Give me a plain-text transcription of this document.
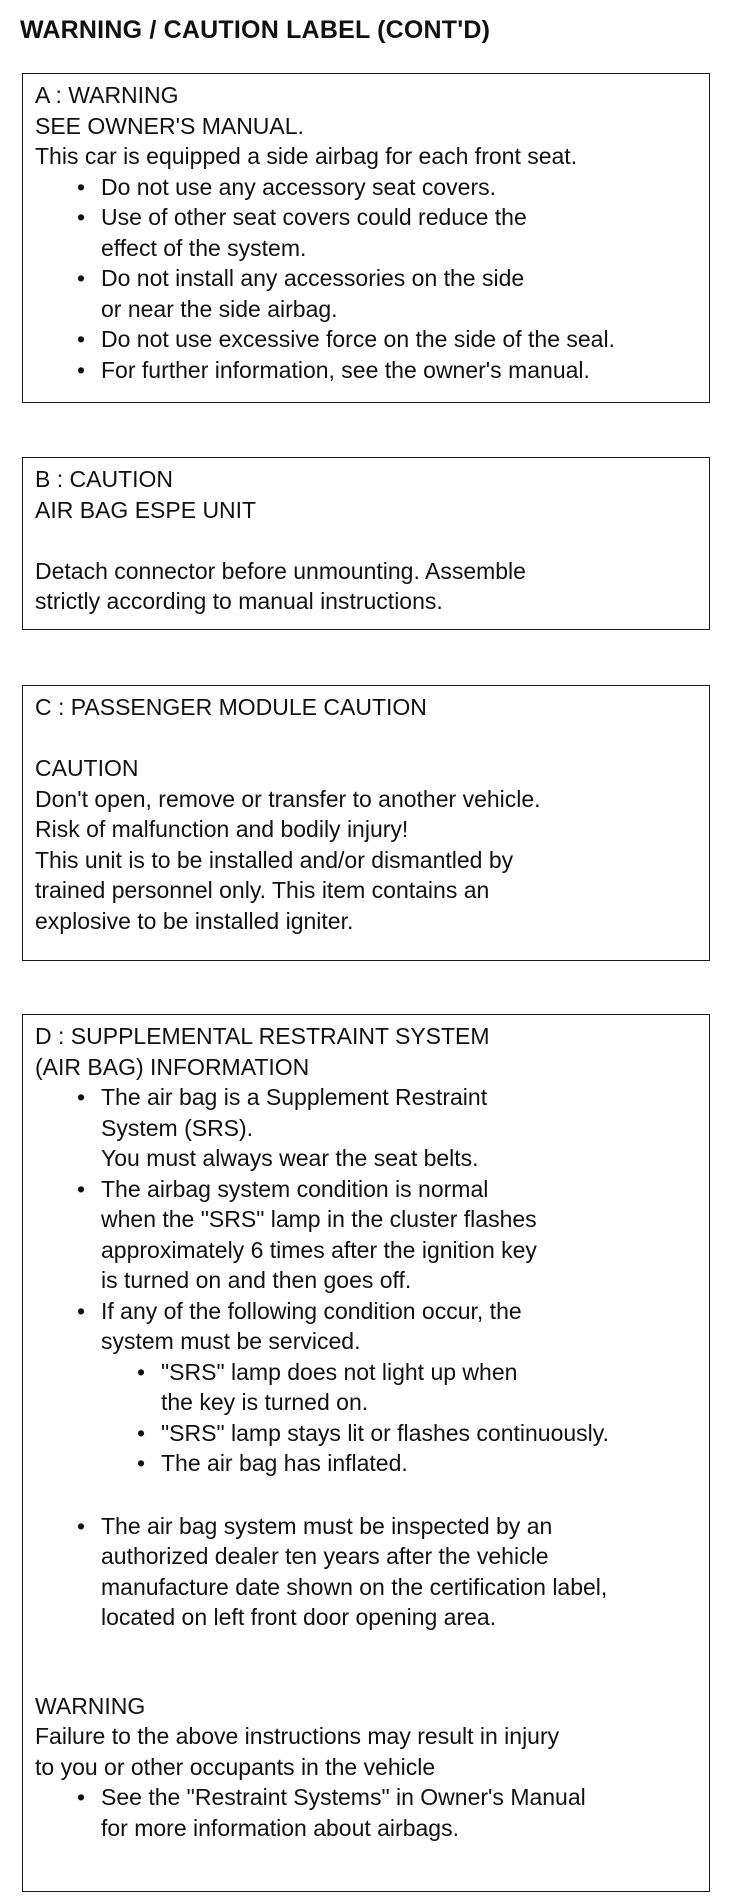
WARNING / CAUTION LABEL (CONT'D)
A : WARNING
SEE OWNER'S MANUAL.
This car is equipped a side airbag for each front seat.
• Do not use any accessory seat covers.
• Use of other seat covers could reduce the
effect of the system.
• Do not install any accessories on the side
or near the side airbag.
• Do not use excessive force on the side of the seal.
• For further information, see the owner's manual.
B : CAUTION
AIR BAG ESPE UNIT
Detach connector before unmounting. Assemble
strictly according to manual instructions.
C : PASSENGER MODULE CAUTION
CAUTION
Don't open, remove or transfer to another vehicle.
Risk of malfunction and bodily injury!
This unit is to be installed and/or dismantled by
trained personnel only. This item contains an
explosive to be installed igniter.
D : SUPPLEMENTAL RESTRAINT SYSTEM
(AIR BAG) INFORMATION
• The air bag is a Supplement Restraint
System (SRS).
You must always wear the seat belts.
• The airbag system condition is normal
when the "SRS" lamp in the cluster flashes
approximately 6 times after the ignition key
is turned on and then goes off.
• If any of the following condition occur, the
system must be serviced.
• "SRS" lamp does not light up when
the key is turned on.
• "SRS" lamp stays lit or flashes continuously.
• The air bag has inflated.
• The air bag system must be inspected by an
authorized dealer ten years after the vehicle
manufacture date shown on the certification label,
located on left front door opening area.
WARNING
Failure to the above instructions may result in injury
to you or other occupants in the vehicle
• See the "Restraint Systems" in Owner's Manual
for more information about airbags.
